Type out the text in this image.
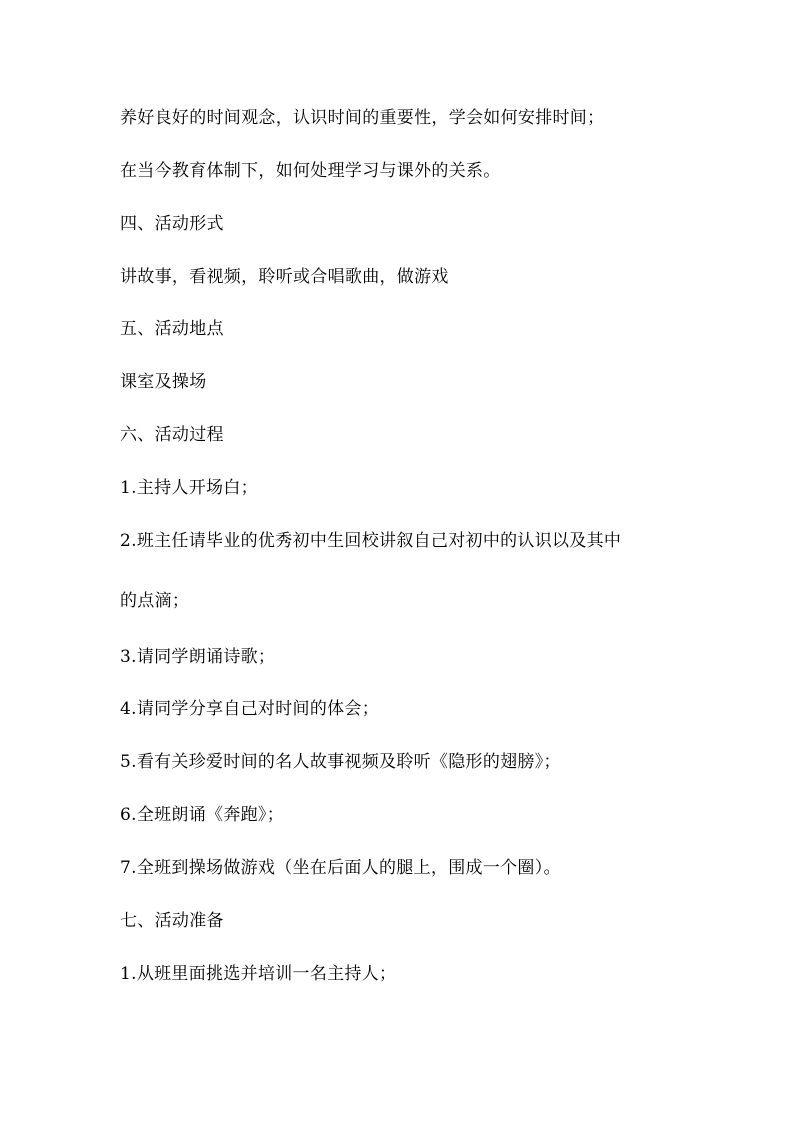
养好良好的时间观念，认识时间的重要性，学会如何安排时间；
在当今教育体制下，如何处理学习与课外的关系。
四、活动形式
讲故事，看视频，聆听或合唱歌曲，做游戏
五、活动地点
课室及操场
六、活动过程
1.主持人开场白；
2.班主任请毕业的优秀初中生回校讲叙自己对初中的认识以及其中
的点滴；
3.请同学朗诵诗歌；
4.请同学分享自己对时间的体会；
5.看有关珍爱时间的名人故事视频及聆听《隐形的翅膀》；
6.全班朗诵《奔跑》；
7.全班到操场做游戏（坐在后面人的腿上，围成一个圈）。
七、活动准备
1.从班里面挑选并培训一名主持人；
